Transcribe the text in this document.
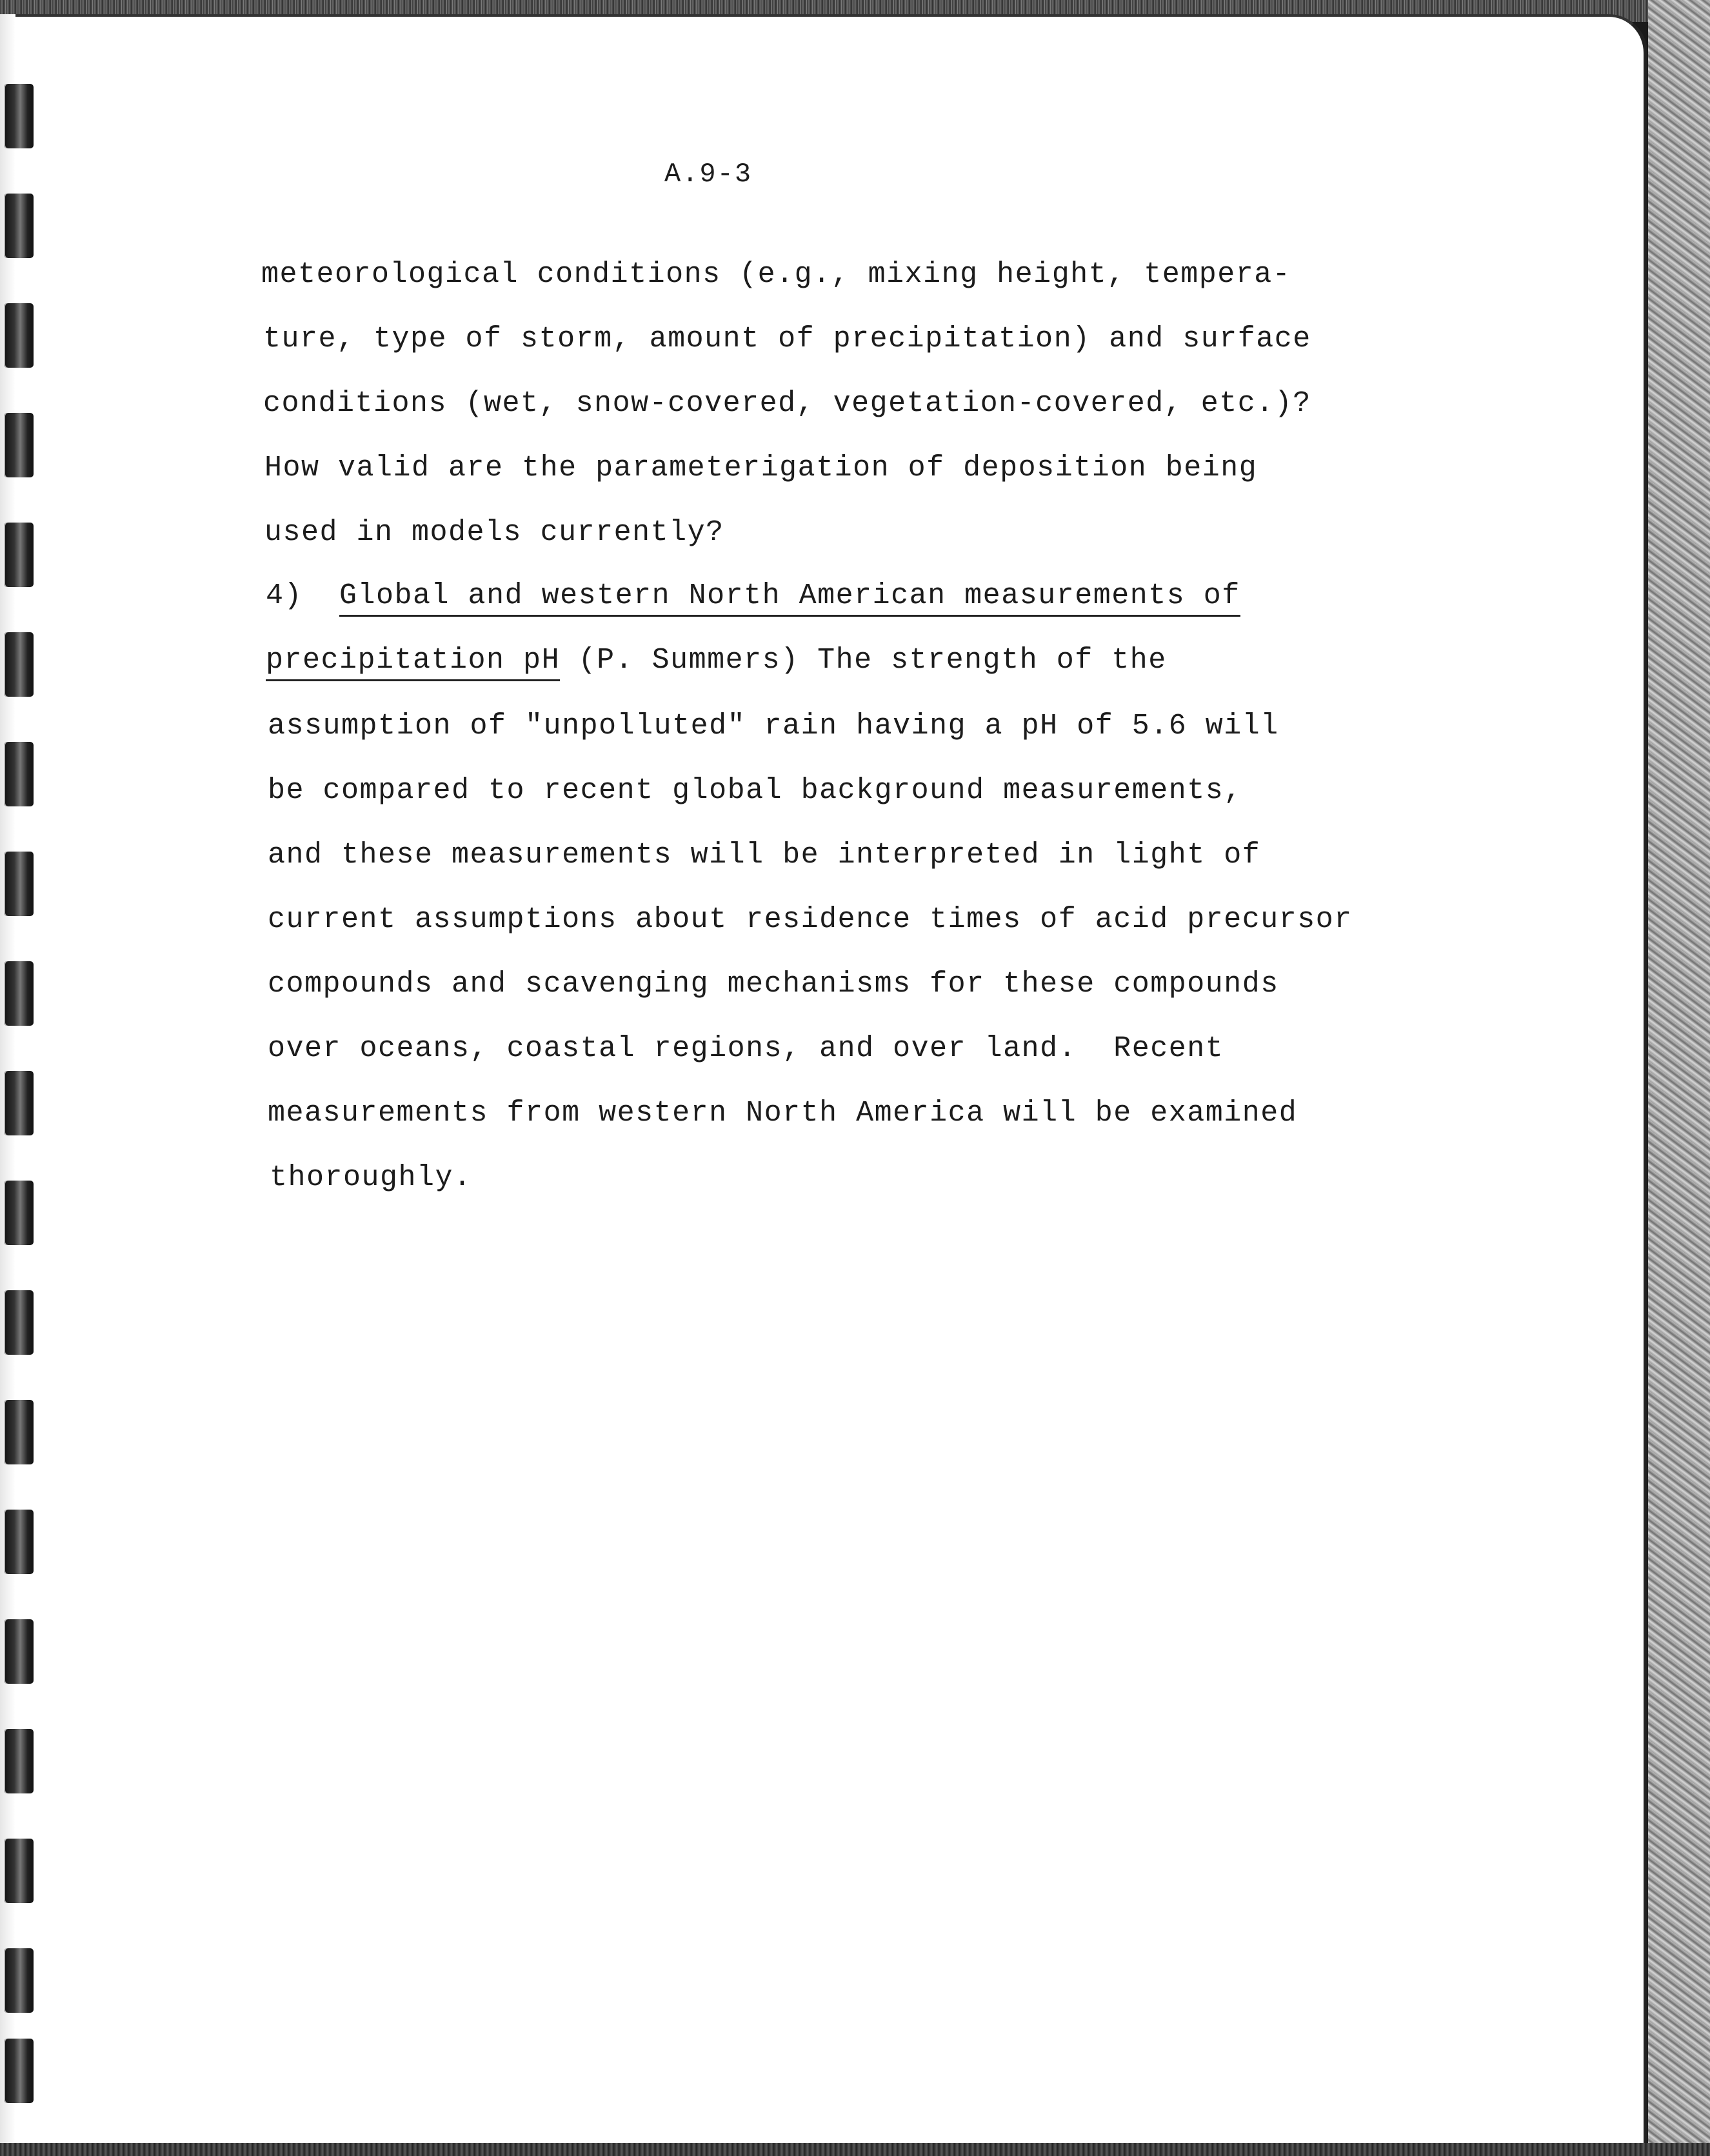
A.9-3
meteorological conditions (e.g., mixing height, tempera-
ture, type of storm, amount of precipitation) and surface
conditions (wet, snow-covered, vegetation-covered, etc.)?
How valid are the parameterigation of deposition being
used in models currently?
4) Global and western North American measurements of
precipitation pH (P. Summers) The strength of the
assumption of "unpolluted" rain having a pH of 5.6 will
be compared to recent global background measurements,
and these measurements will be interpreted in light of
current assumptions about residence times of acid precursor
compounds and scavenging mechanisms for these compounds
over oceans, coastal regions, and over land.  Recent
measurements from western North America will be examined
thoroughly.
